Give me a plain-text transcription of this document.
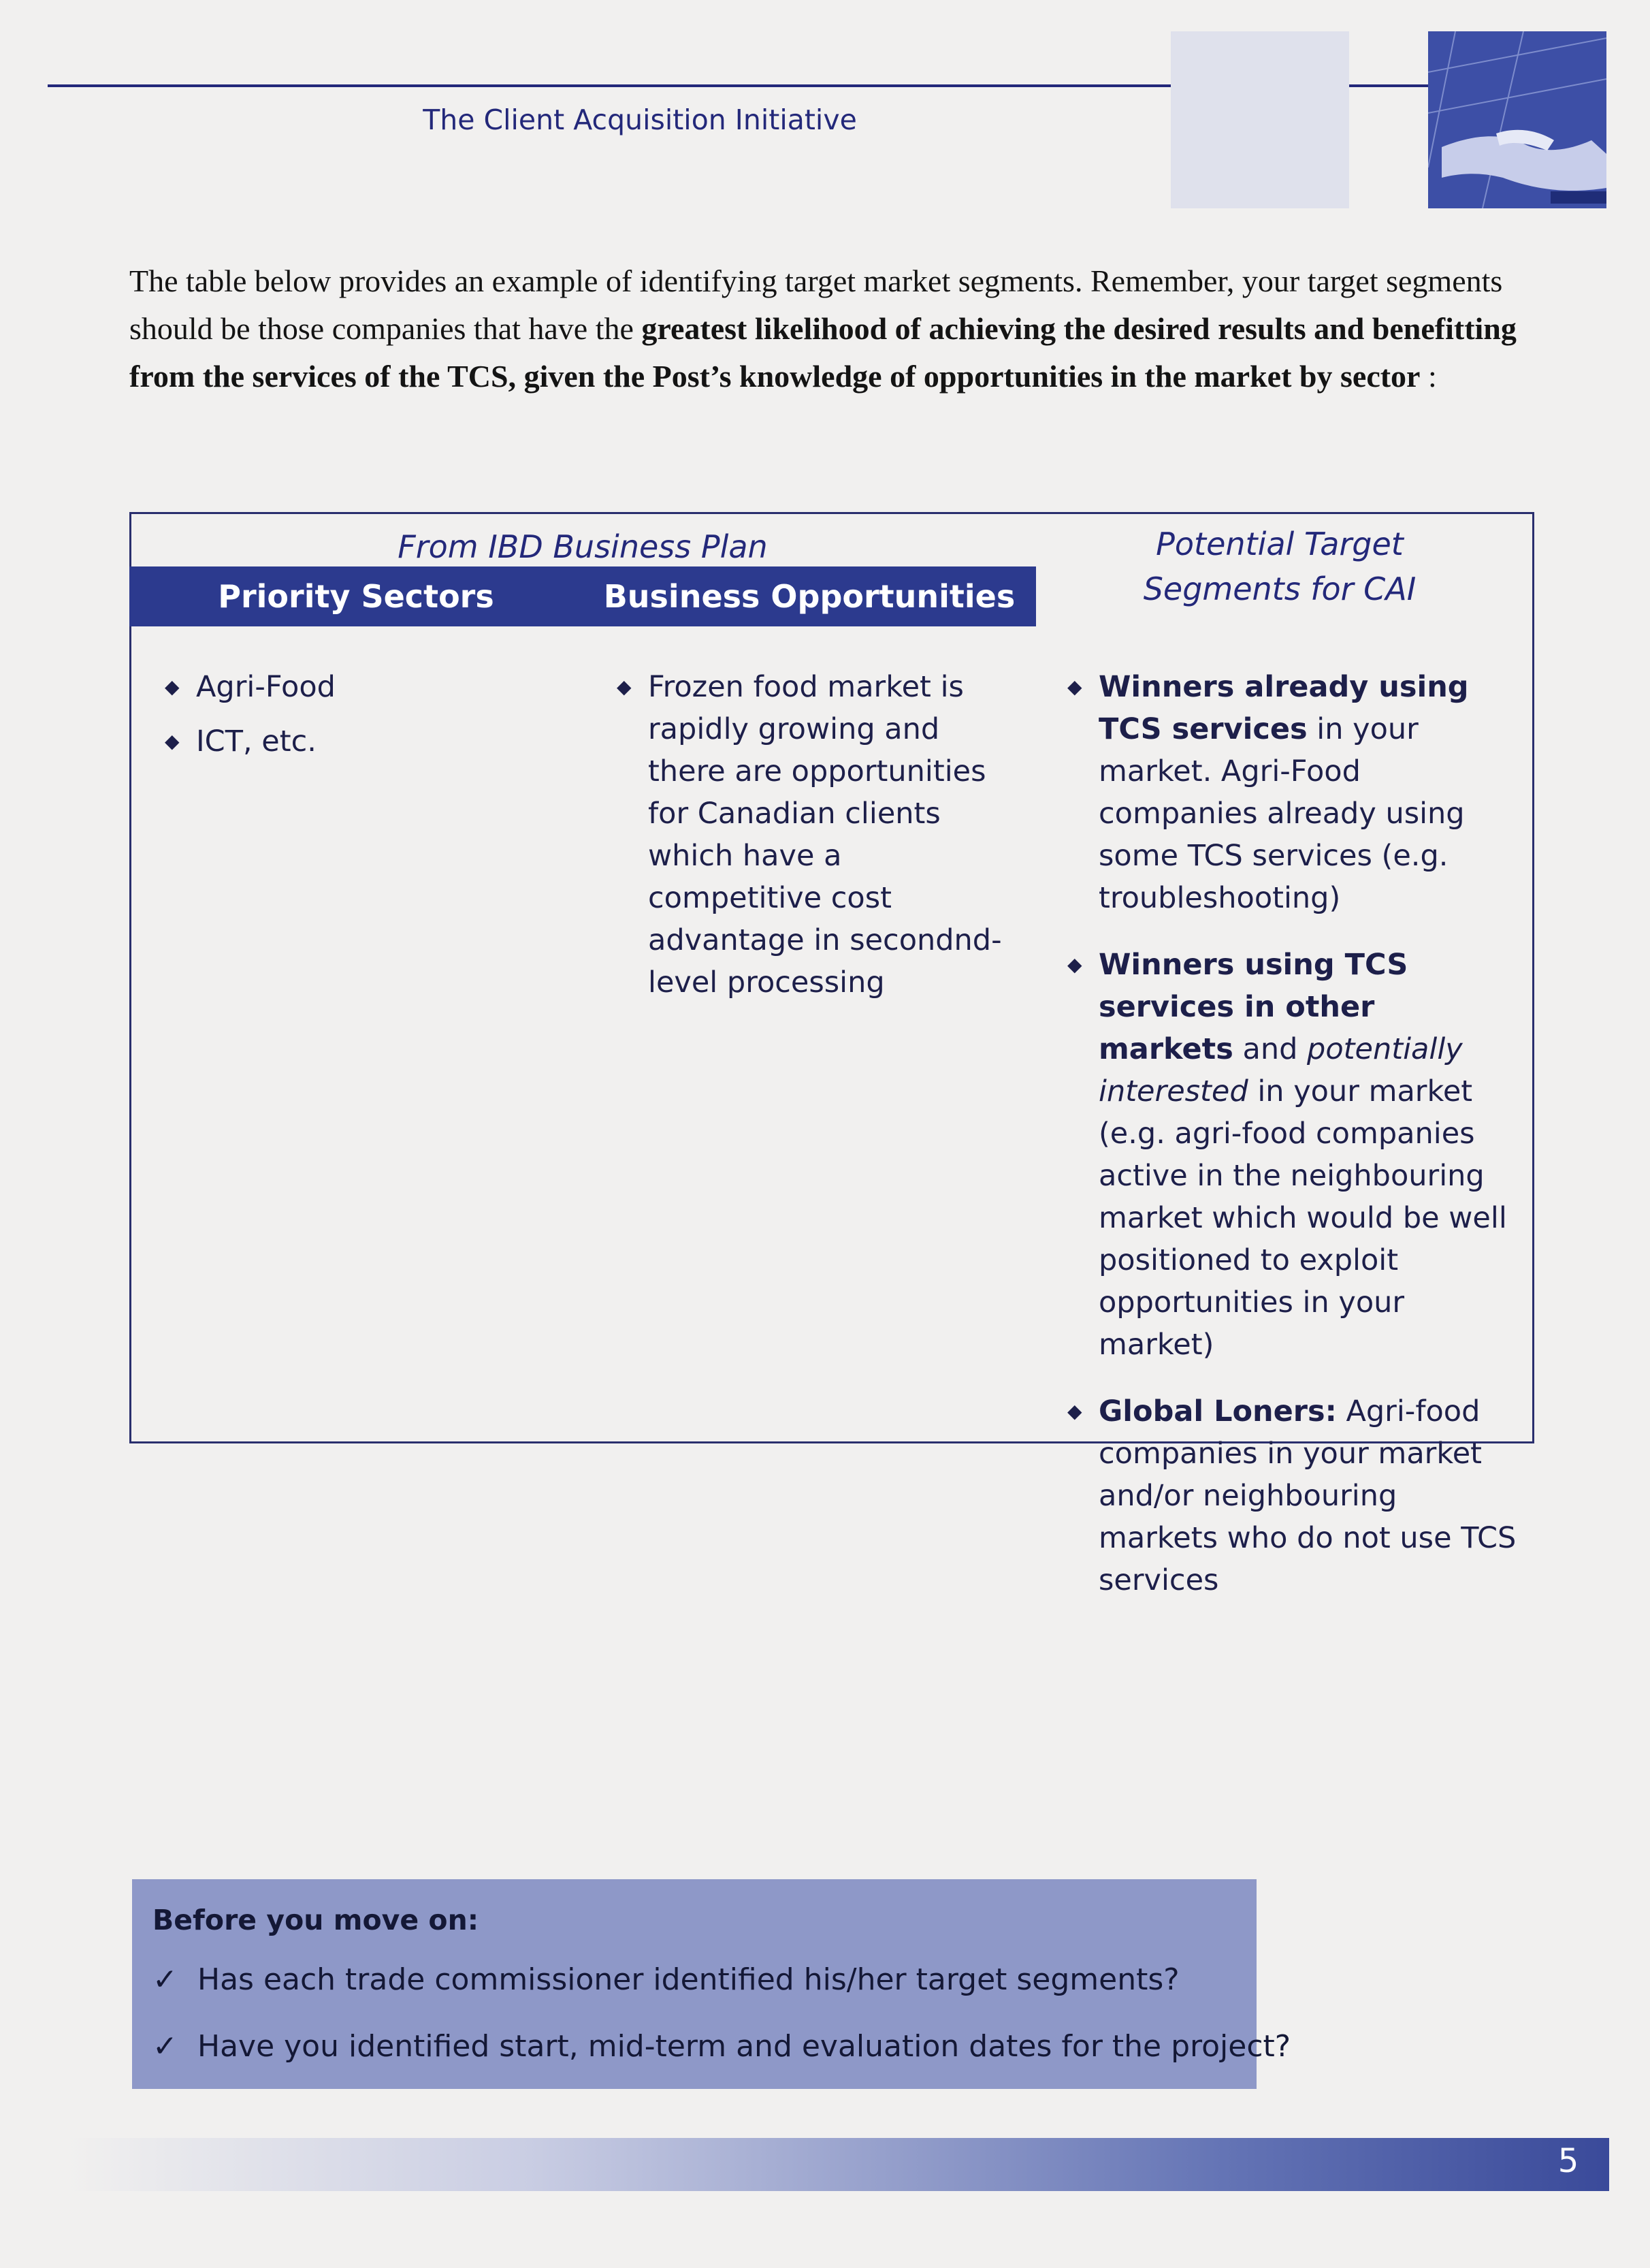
The Client Acquisition Initiative
The table below provides an example of identifying target market segments. Remember, your target segments should be those companies that have the greatest likelihood of achieving the desired results and benefitting from the services of the TCS, given the Post’s knowledge of opportunities in the market by sector :
From IBD Business Plan	Potential Target
Segments for CAI
Priority Sectors	Business Opportunities
◆ Agri-Food
◆ ICT, etc.
◆ Frozen food market is rapidly growing and there are opportunities for Canadian clients which have a competitive cost advantage in secondnd-level processing
◆ Winners already using TCS services in your market. Agri-Food companies already using some TCS services (e.g. troubleshooting)
◆ Winners using TCS services in other markets and potentially interested in your market (e.g. agri-food companies active in the neighbouring market which would be well positioned to exploit opportunities in your market)
◆ Global Loners: Agri-food companies in your market and/or neighbouring markets who do not use TCS services
Before you move on:
✓ Has each trade commissioner identified his/her target segments?
✓ Have you identified start, mid-term and evaluation dates for the project?
5
